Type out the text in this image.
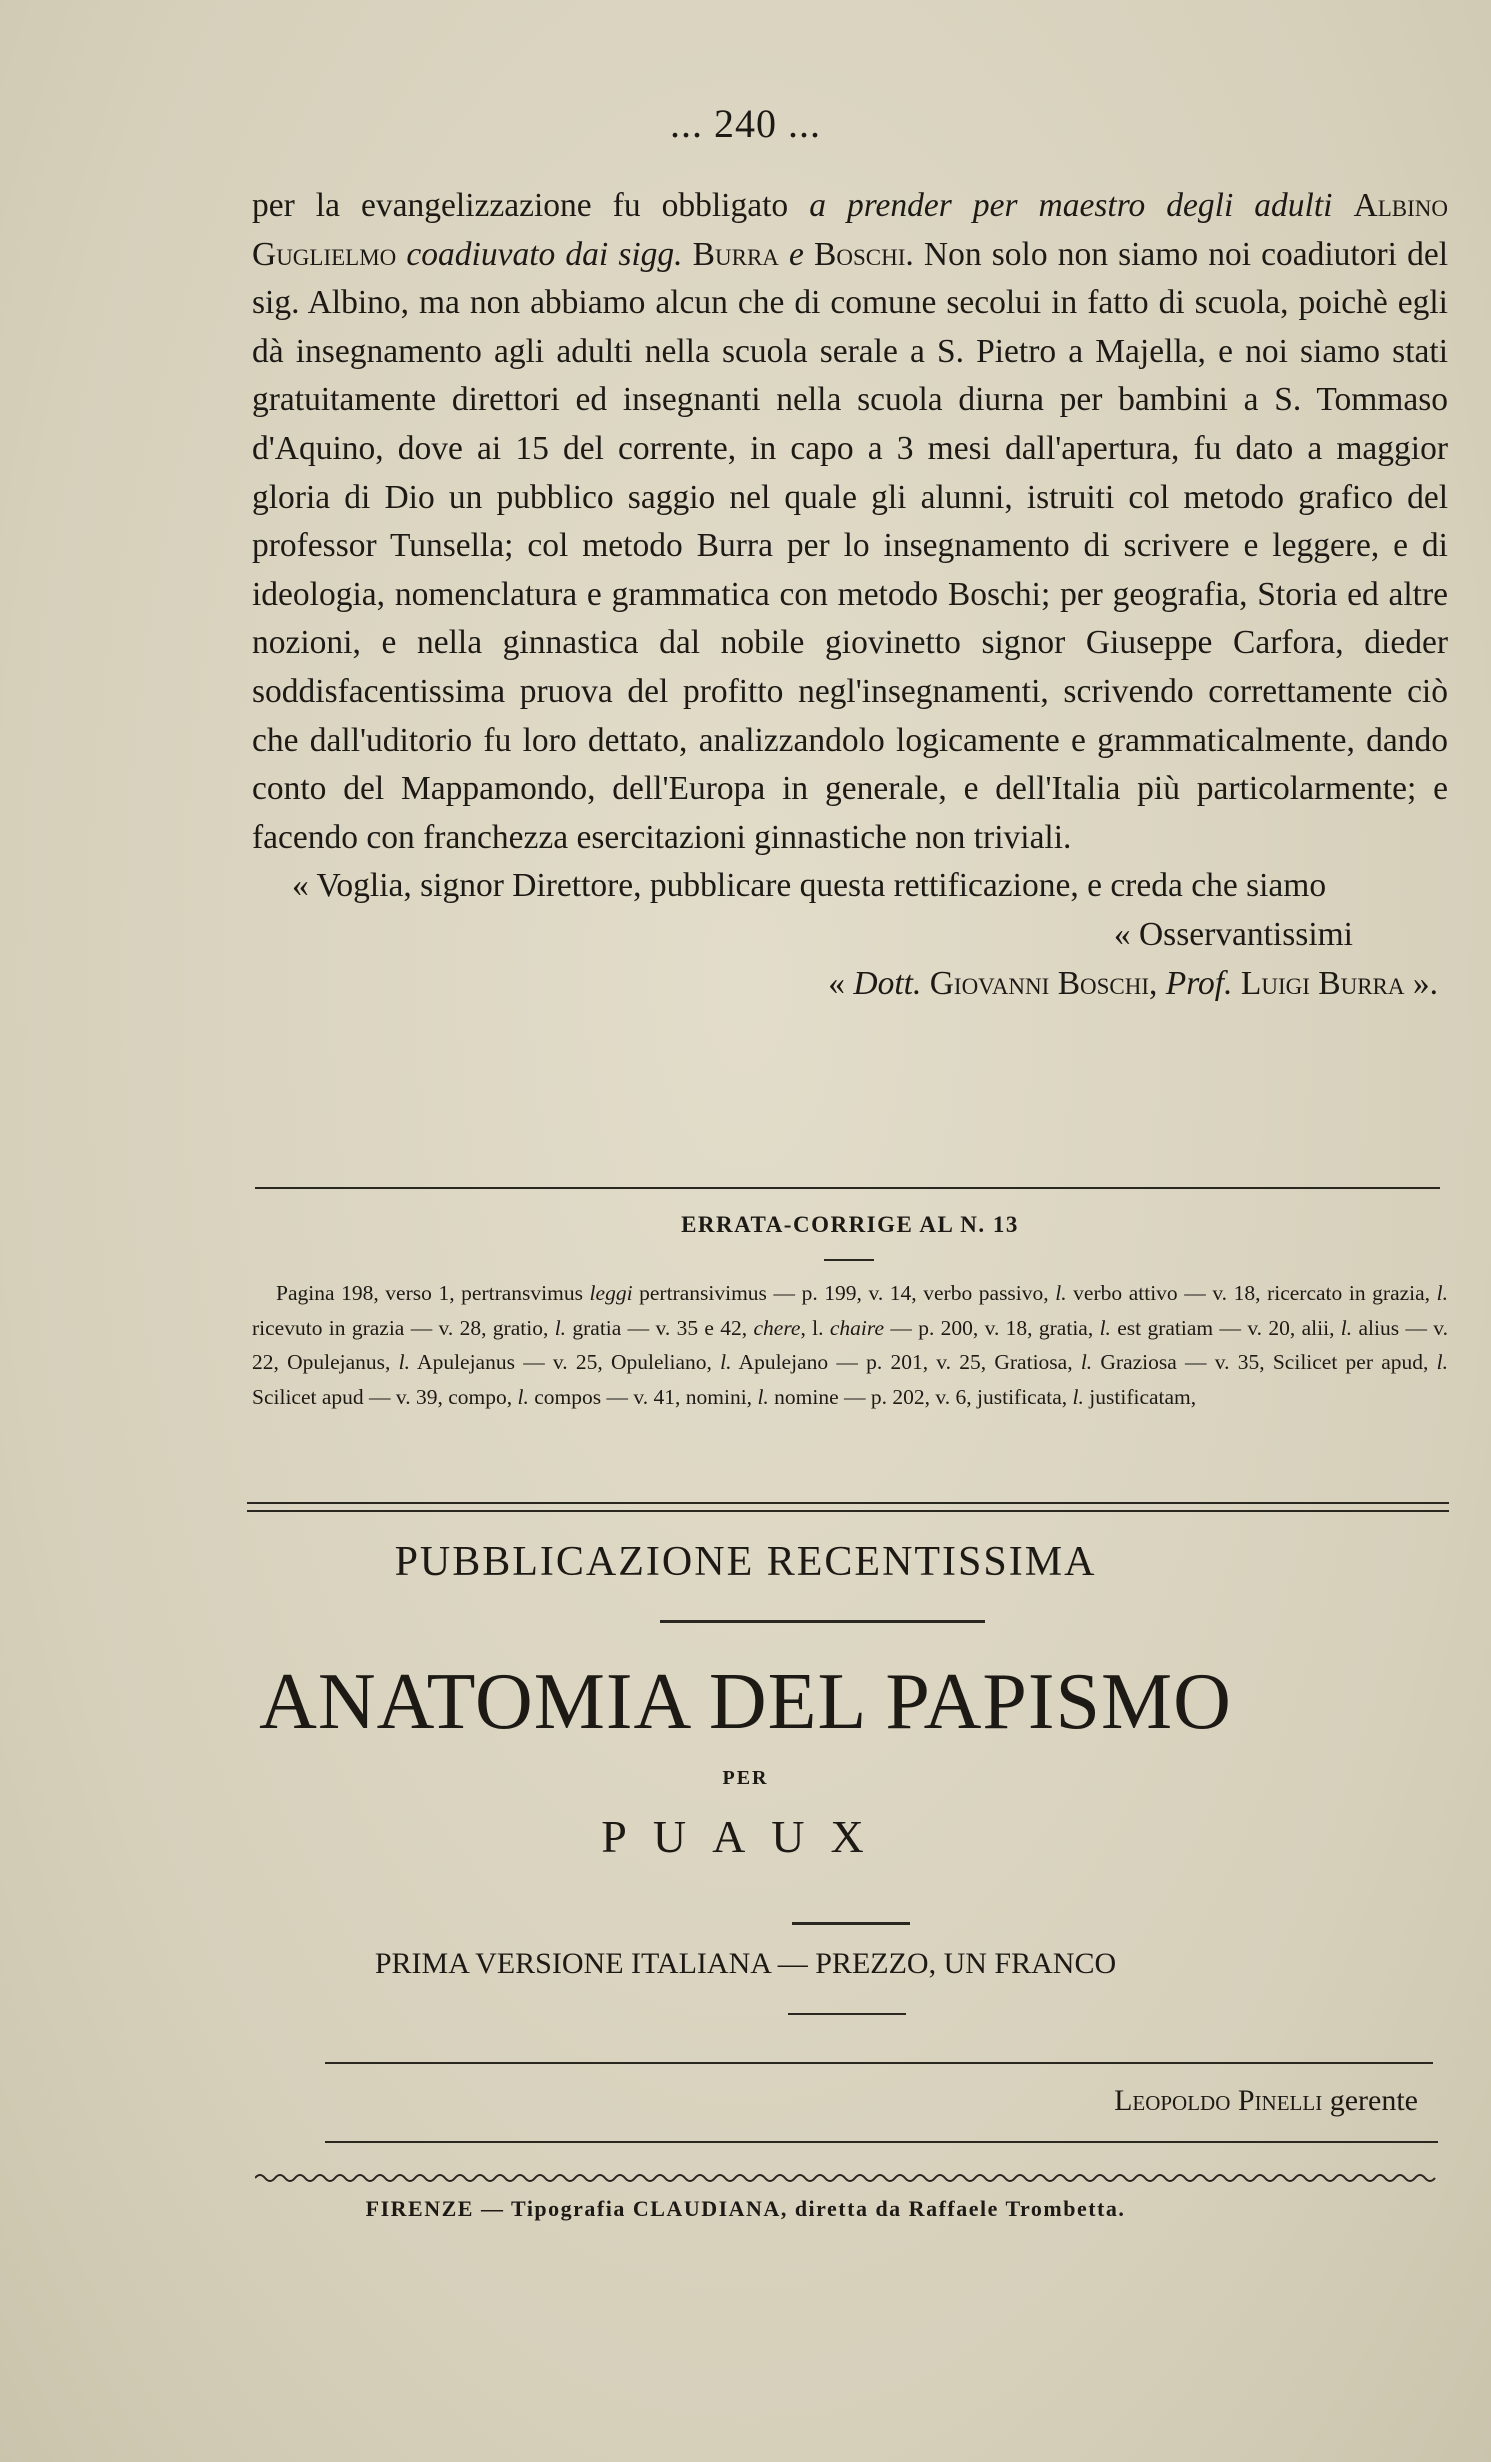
... 240 ...

per la evangelizzazione fu obbligato a prender per maestro degli adulti Albino Guglielmo coadiuvato dai sigg. Burra e Boschi. Non solo non siamo noi coadiutori del sig. Albino, ma non abbiamo alcun che di comune secolui in fatto di scuola, poichè egli dà insegnamento agli adulti nella scuola serale a S. Pietro a Majella, e noi siamo stati gratuitamente direttori ed insegnanti nella scuola diurna per bambini a S. Tommaso d'Aquino, dove ai 15 del corrente, in capo a 3 mesi dall'apertura, fu dato a maggior gloria di Dio un pubblico saggio nel quale gli alunni, istruiti col metodo grafico del professor Tunsella; col metodo Burra per lo insegnamento di scrivere e leggere, e di ideologia, nomenclatura e grammatica con metodo Boschi; per geografia, Storia ed altre nozioni, e nella ginnastica dal nobile giovinetto signor Giuseppe Carfora, dieder soddisfacentissima pruova del profitto negl'insegnamenti, scrivendo correttamente ciò che dall'uditorio fu loro dettato, analizzandolo logicamente e grammaticalmente, dando conto del Mappamondo, dell'Europa in generale, e dell'Italia più particolarmente; e facendo con franchezza esercitazioni ginnastiche non triviali.

« Voglia, signor Direttore, pubblicare questa rettificazione, e creda che siamo

« Osservantissimi

« Dott. Giovanni Boschi, Prof. Luigi Burra ».

ERRATA-CORRIGE AL N. 13
Pagina 198, verso 1, pertransvimus leggi pertransivimus — p. 199, v. 14, verbo passivo, l. verbo attivo — v. 18, ricercato in grazia, l. ricevuto in grazia — v. 28, gratio, l. gratia — v. 35 e 42, chere, l. chaire — p. 200, v. 18, gratia, l. est gratiam — v. 20, alii, l. alius — v. 22, Opulejanus, l. Apulejanus — v. 25, Opuleliano, l. Apulejano — p. 201, v. 25, Gratiosa, l. Graziosa — v. 35, Scilicet per apud, l. Scilicet apud — v. 39, compo, l. compos — v. 41, nomini, l. nomine — p. 202, v. 6, justificata, l. justificatam,
PUBBLICAZIONE RECENTISSIMA
ANATOMIA DEL PAPISMO
PER
PUAUX
PRIMA VERSIONE ITALIANA — PREZZO, UN FRANCO
Leopoldo Pinelli gerente
FIRENZE — Tipografia CLAUDIANA, diretta da Raffaele Trombetta.
